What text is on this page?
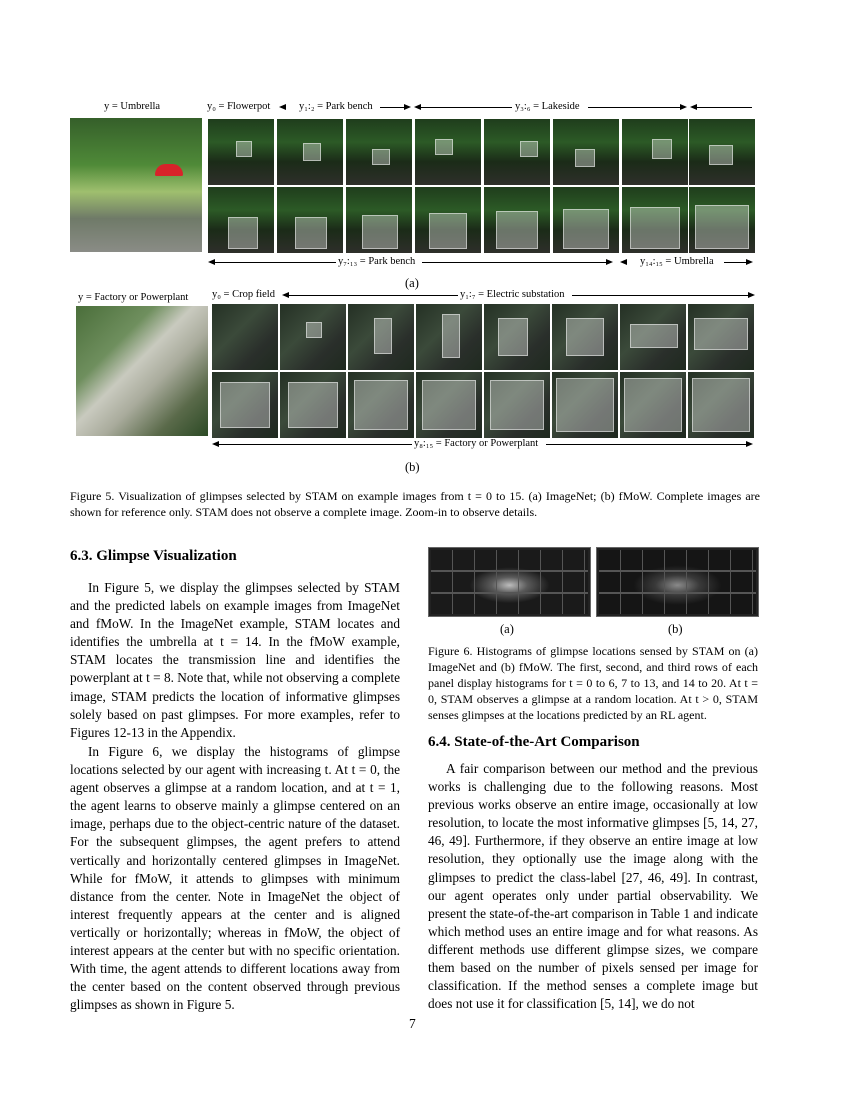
y = Umbrella	y₀ = Flowerpot	y₁:₂ = Park bench	y₃:₆ = Lakeside
y₇:₁₃ = Park bench	y₁₄:₁₅ = Umbrella
(a)
y = Factory or Powerplant y₀ = Crop field	y₁:₇ = Electric substation
y₈:₁₅ = Factory or Powerplant
(b)
Figure 5. Visualization of glimpses selected by STAM on example images from t = 0 to 15. (a) ImageNet; (b) fMoW. Complete images are shown for reference only. STAM does not observe a complete image. Zoom-in to observe details.
(a)	(b)
Figure 6. Histograms of glimpse locations sensed by STAM on (a) ImageNet and (b) fMoW. The first, second, and third rows of each panel display histograms for t = 0 to 6, 7 to 13, and 14 to 20. At t = 0, STAM observes a glimpse at a random location. At t > 0, STAM senses glimpses at the locations predicted by an RL agent.
6.3. Glimpse Visualization
In Figure 5, we display the glimpses selected by STAM and the predicted labels on example images from ImageNet and fMoW. In the ImageNet example, STAM locates and identifies the umbrella at t = 14. In the fMoW example, STAM locates the transmission line and identifies the powerplant at t = 8. Note that, while not observing a complete image, STAM predicts the location of informative glimpses solely based on past glimpses. For more examples, refer to Figures 12-13 in the Appendix.
In Figure 6, we display the histograms of glimpse locations selected by our agent with increasing t. At t = 0, the agent observes a glimpse at a random location, and at t = 1, the agent learns to observe mainly a glimpse centered on an image, perhaps due to the object-centric nature of the dataset. For the subsequent glimpses, the agent prefers to attend vertically and horizontally centered glimpses in ImageNet. While for fMoW, it attends to glimpses with minimum distance from the center. Note in ImageNet the object of interest frequently appears at the center and is aligned vertically or horizontally; whereas in fMoW, the object of interest appears at the center but with no specific orientation. With time, the agent attends to different locations away from the center based on the content observed through previous glimpses as shown in Figure 5.
6.4. State-of-the-Art Comparison
A fair comparison between our method and the previous works is challenging due to the following reasons. Most previous works observe an entire image, occasionally at low resolution, to locate the most informative glimpses [5, 14, 27, 46, 49]. Furthermore, if they observe an entire image at low resolution, they optionally use the image along with the glimpses to predict the class-label [27, 46, 49]. In contrast, our agent operates only under partial observability. We present the state-of-the-art comparison in Table 1 and indicate which method uses an entire image and for what reasons. As different methods use different glimpse sizes, we compare them based on the number of pixels sensed per image for classification. If the method senses a complete image but does not use it for classification [5, 14], we do not
7
